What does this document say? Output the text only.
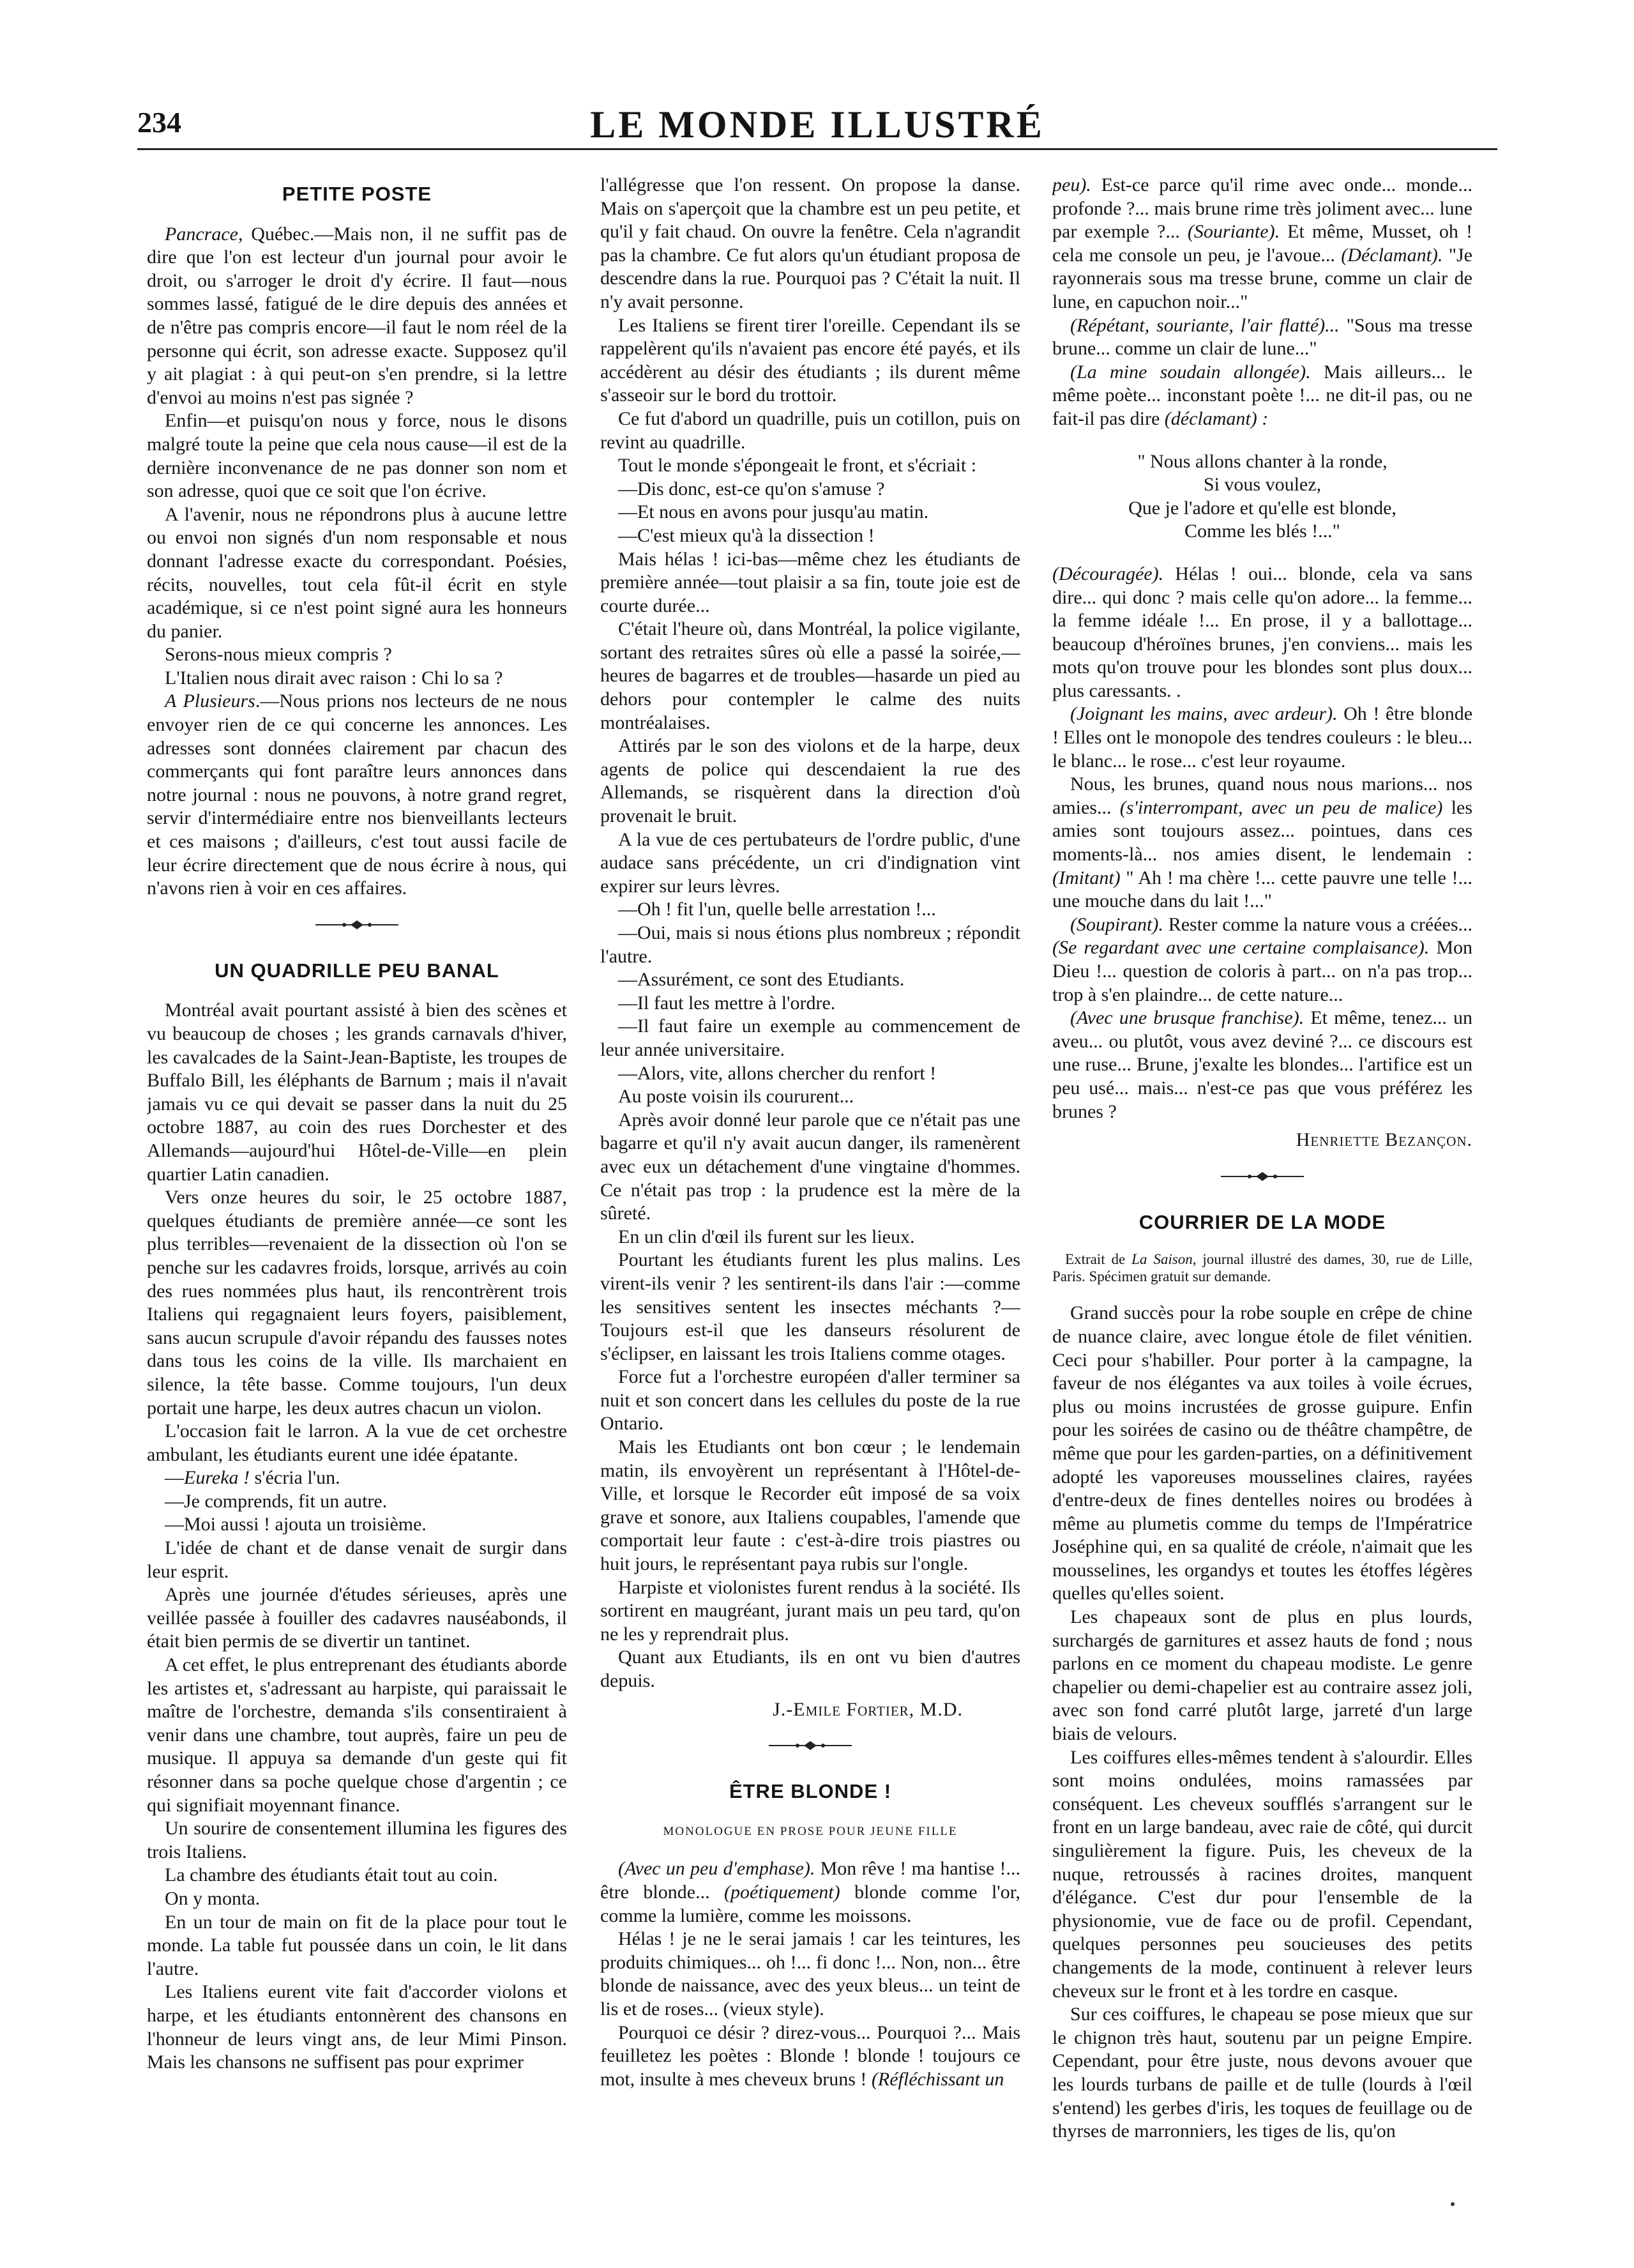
234	LE MONDE ILLUSTRÉ
PETITE POSTE

Pancrace, Québec.—Mais non, il ne suffit pas de dire que l'on est lecteur d'un journal pour avoir le droit, ou s'arroger le droit d'y écrire. Il faut—nous sommes lassé, fatigué de le dire depuis des années et de n'être pas compris encore—il faut le nom réel de la personne qui écrit, son adresse exacte. Supposez qu'il y ait plagiat : à qui peut-on s'en prendre, si la lettre d'envoi au moins n'est pas signée ?

Enfin—et puisqu'on nous y force, nous le disons malgré toute la peine que cela nous cause—il est de la dernière inconvenance de ne pas donner son nom et son adresse, quoi que ce soit que l'on écrive.

A l'avenir, nous ne répondrons plus à aucune lettre ou envoi non signés d'un nom responsable et nous donnant l'adresse exacte du correspondant. Poésies, récits, nouvelles, tout cela fût-il écrit en style académique, si ce n'est point signé aura les honneurs du panier.

Serons-nous mieux compris ?

L'Italien nous dirait avec raison : Chi lo sa ?

A Plusieurs.—Nous prions nos lecteurs de ne nous envoyer rien de ce qui concerne les annonces. Les adresses sont données clairement par chacun des commerçants qui font paraître leurs annonces dans notre journal : nous ne pouvons, à notre grand regret, servir d'intermédiaire entre nos bienveillants lecteurs et ces maisons ; d'ailleurs, c'est tout aussi facile de leur écrire directement que de nous écrire à nous, qui n'avons rien à voir en ces affaires.

UN QUADRILLE PEU BANAL

Montréal avait pourtant assisté à bien des scènes et vu beaucoup de choses ; les grands carnavals d'hiver, les cavalcades de la Saint-Jean-Baptiste, les troupes de Buffalo Bill, les éléphants de Barnum ; mais il n'avait jamais vu ce qui devait se passer dans la nuit du 25 octobre 1887, au coin des rues Dorchester et des Allemands—aujourd'hui Hôtel-de-Ville—en plein quartier Latin canadien.

Vers onze heures du soir, le 25 octobre 1887, quelques étudiants de première année—ce sont les plus terribles—revenaient de la dissection où l'on se penche sur les cadavres froids, lorsque, arrivés au coin des rues nommées plus haut, ils rencontrèrent trois Italiens qui regagnaient leurs foyers, paisiblement, sans aucun scrupule d'avoir répandu des fausses notes dans tous les coins de la ville. Ils marchaient en silence, la tête basse. Comme toujours, l'un deux portait une harpe, les deux autres chacun un violon.

L'occasion fait le larron. A la vue de cet orchestre ambulant, les étudiants eurent une idée épatante.

—Eureka ! s'écria l'un.

—Je comprends, fit un autre.

—Moi aussi ! ajouta un troisième.

L'idée de chant et de danse venait de surgir dans leur esprit.

Après une journée d'études sérieuses, après une veillée passée à fouiller des cadavres nauséabonds, il était bien permis de se divertir un tantinet.

A cet effet, le plus entreprenant des étudiants aborde les artistes et, s'adressant au harpiste, qui paraissait le maître de l'orchestre, demanda s'ils consentiraient à venir dans une chambre, tout auprès, faire un peu de musique. Il appuya sa demande d'un geste qui fit résonner dans sa poche quelque chose d'argentin ; ce qui signifiait moyennant finance.

Un sourire de consentement illumina les figures des trois Italiens.

La chambre des étudiants était tout au coin.

On y monta.

En un tour de main on fit de la place pour tout le monde. La table fut poussée dans un coin, le lit dans l'autre.

Les Italiens eurent vite fait d'accorder violons et harpe, et les étudiants entonnèrent des chansons en l'honneur de leurs vingt ans, de leur Mimi Pinson. Mais les chansons ne suffisent pas pour exprimer

l'allégresse que l'on ressent. On propose la danse. Mais on s'aperçoit que la chambre est un peu petite, et qu'il y fait chaud. On ouvre la fenêtre. Cela n'agrandit pas la chambre. Ce fut alors qu'un étudiant proposa de descendre dans la rue. Pourquoi pas ? C'était la nuit. Il n'y avait personne.

Les Italiens se firent tirer l'oreille. Cependant ils se rappelèrent qu'ils n'avaient pas encore été payés, et ils accédèrent au désir des étudiants ; ils durent même s'asseoir sur le bord du trottoir.

Ce fut d'abord un quadrille, puis un cotillon, puis on revint au quadrille.

Tout le monde s'épongeait le front, et s'écriait :

—Dis donc, est-ce qu'on s'amuse ?

—Et nous en avons pour jusqu'au matin.

—C'est mieux qu'à la dissection !

Mais hélas ! ici-bas—même chez les étudiants de première année—tout plaisir a sa fin, toute joie est de courte durée...

C'était l'heure où, dans Montréal, la police vigilante, sortant des retraites sûres où elle a passé la soirée,—heures de bagarres et de troubles—hasarde un pied au dehors pour contempler le calme des nuits montréalaises.

Attirés par le son des violons et de la harpe, deux agents de police qui descendaient la rue des Allemands, se risquèrent dans la direction d'où provenait le bruit.

A la vue de ces pertubateurs de l'ordre public, d'une audace sans précédente, un cri d'indignation vint expirer sur leurs lèvres.

—Oh ! fit l'un, quelle belle arrestation !...

—Oui, mais si nous étions plus nombreux ; répondit l'autre.

—Assurément, ce sont des Etudiants.

—Il faut les mettre à l'ordre.

—Il faut faire un exemple au commencement de leur année universitaire.

—Alors, vite, allons chercher du renfort !

Au poste voisin ils coururent...

Après avoir donné leur parole que ce n'était pas une bagarre et qu'il n'y avait aucun danger, ils ramenèrent avec eux un détachement d'une vingtaine d'hommes. Ce n'était pas trop : la prudence est la mère de la sûreté.

En un clin d'œil ils furent sur les lieux.

Pourtant les étudiants furent les plus malins. Les virent-ils venir ? les sentirent-ils dans l'air :—comme les sensitives sentent les insectes méchants ?—Toujours est-il que les danseurs résolurent de s'éclipser, en laissant les trois Italiens comme otages.

Force fut a l'orchestre européen d'aller terminer sa nuit et son concert dans les cellules du poste de la rue Ontario.

Mais les Etudiants ont bon cœur ; le lendemain matin, ils envoyèrent un représentant à l'Hôtel-de-Ville, et lorsque le Recorder eût imposé de sa voix grave et sonore, aux Italiens coupables, l'amende que comportait leur faute : c'est-à-dire trois piastres ou huit jours, le représentant paya rubis sur l'ongle.

Harpiste et violonistes furent rendus à la société. Ils sortirent en maugréant, jurant mais un peu tard, qu'on ne les y reprendrait plus.

Quant aux Etudiants, ils en ont vu bien d'autres depuis.

J.-Emile Fortier, M.D.

ÊTRE BLONDE !
MONOLOGUE EN PROSE POUR JEUNE FILLE

(Avec un peu d'emphase). Mon rêve ! ma hantise !... être blonde... (poétiquement) blonde comme l'or, comme la lumière, comme les moissons.

Hélas ! je ne le serai jamais ! car les teintures, les produits chimiques... oh !... fi donc !... Non, non... être blonde de naissance, avec des yeux bleus... un teint de lis et de roses... (vieux style).

Pourquoi ce désir ? direz-vous... Pourquoi ?... Mais feuilletez les poètes : Blonde ! blonde ! toujours ce mot, insulte à mes cheveux bruns ! (Réfléchissant un

peu). Est-ce parce qu'il rime avec onde... monde... profonde ?... mais brune rime très joliment avec... lune par exemple ?... (Souriante). Et même, Musset, oh ! cela me console un peu, je l'avoue... (Déclamant). "Je rayonnerais sous ma tresse brune, comme un clair de lune, en capuchon noir..."

(Répétant, souriante, l'air flatté)... "Sous ma tresse brune... comme un clair de lune..."

(La mine soudain allongée). Mais ailleurs... le même poète... inconstant poète !... ne dit-il pas, ou ne fait-il pas dire (déclamant) :

" Nous allons chanter à la ronde,
Si vous voulez,
Que je l'adore et qu'elle est blonde,
Comme les blés !..."

(Découragée). Hélas ! oui... blonde, cela va sans dire... qui donc ? mais celle qu'on adore... la femme... la femme idéale !... En prose, il y a ballottage... beaucoup d'héroïnes brunes, j'en conviens... mais les mots qu'on trouve pour les blondes sont plus doux... plus caressants. .

(Joignant les mains, avec ardeur). Oh ! être blonde ! Elles ont le monopole des tendres couleurs : le bleu... le blanc... le rose... c'est leur royaume.

Nous, les brunes, quand nous nous marions... nos amies... (s'interrompant, avec un peu de malice) les amies sont toujours assez... pointues, dans ces moments-là... nos amies disent, le lendemain : (Imitant) " Ah ! ma chère !... cette pauvre une telle !... une mouche dans du lait !..."

(Soupirant). Rester comme la nature vous a créées... (Se regardant avec une certaine complaisance). Mon Dieu !... question de coloris à part... on n'a pas trop... trop à s'en plaindre... de cette nature...

(Avec une brusque franchise). Et même, tenez... un aveu... ou plutôt, vous avez deviné ?... ce discours est une ruse... Brune, j'exalte les blondes... l'artifice est un peu usé... mais... n'est-ce pas que vous préférez les brunes ?

Henriette Bezançon.

COURRIER DE LA MODE

Extrait de La Saison, journal illustré des dames, 30, rue de Lille, Paris. Spécimen gratuit sur demande.

Grand succès pour la robe souple en crêpe de chine de nuance claire, avec longue étole de filet vénitien. Ceci pour s'habiller. Pour porter à la campagne, la faveur de nos élégantes va aux toiles à voile écrues, plus ou moins incrustées de grosse guipure. Enfin pour les soirées de casino ou de théâtre champêtre, de même que pour les garden-parties, on a définitivement adopté les vaporeuses mousselines claires, rayées d'entre-deux de fines dentelles noires ou brodées à même au plumetis comme du temps de l'Impératrice Joséphine qui, en sa qualité de créole, n'aimait que les mousselines, les organdys et toutes les étoffes légères quelles qu'elles soient.

Les chapeaux sont de plus en plus lourds, surchargés de garnitures et assez hauts de fond ; nous parlons en ce moment du chapeau modiste. Le genre chapelier ou demi-chapelier est au contraire assez joli, avec son fond carré plutôt large, jarreté d'un large biais de velours.

Les coiffures elles-mêmes tendent à s'alourdir. Elles sont moins ondulées, moins ramassées par conséquent. Les cheveux soufflés s'arrangent sur le front en un large bandeau, avec raie de côté, qui durcit singulièrement la figure. Puis, les cheveux de la nuque, retroussés à racines droites, manquent d'élégance. C'est dur pour l'ensemble de la physionomie, vue de face ou de profil. Cependant, quelques personnes peu soucieuses des petits changements de la mode, continuent à relever leurs cheveux sur le front et à les tordre en casque.

Sur ces coiffures, le chapeau se pose mieux que sur le chignon très haut, soutenu par un peigne Empire. Cependant, pour être juste, nous devons avouer que les lourds turbans de paille et de tulle (lourds à l'œil s'entend) les gerbes d'iris, les toques de feuillage ou de thyrses de marronniers, les tiges de lis, qu'on
